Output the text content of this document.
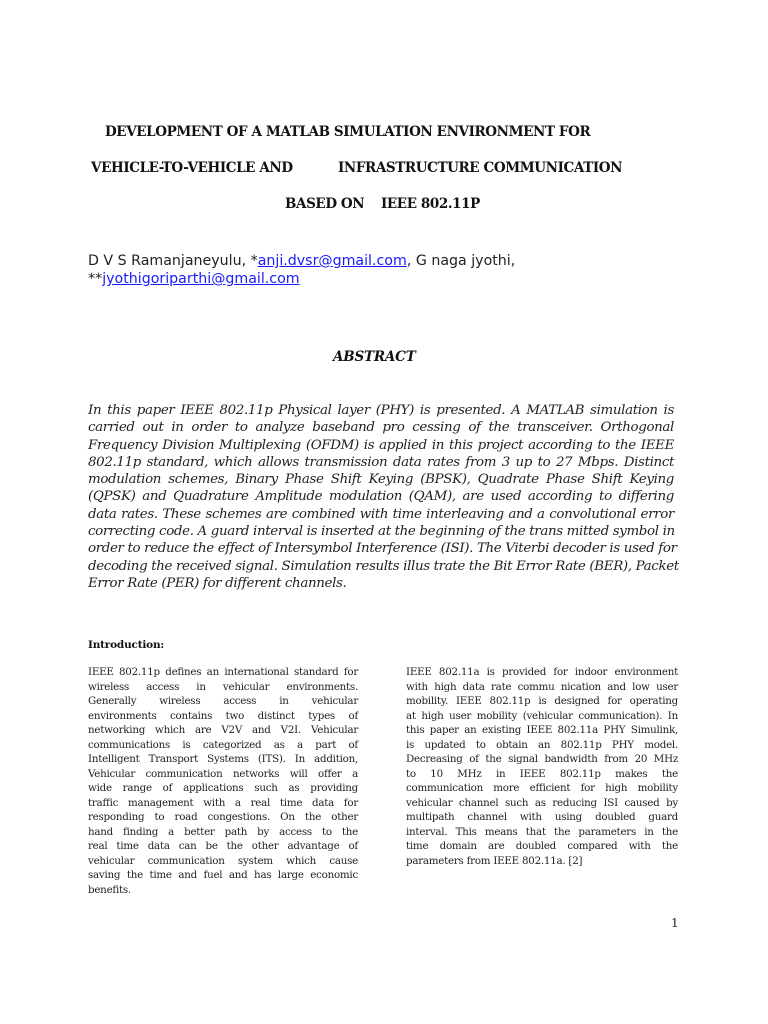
DEVELOPMENT OF A MATLAB SIMULATION ENVIRONMENT FOR
VEHICLE-TO-VEHICLE AND	INFRASTRUCTURE COMMUNICATION
BASED ON IEEE 802.11P
D V S Ramanjaneyulu, *anji.dvsr@gmail.com, G naga jyothi,
**jyothigoriparthi@gmail.com
ABSTRACT
In this paper IEEE 802.11p Physical layer (PHY) is presented. A MATLAB simulation is
carried out in order to analyze baseband pro cessing of the transceiver. Orthogonal
Frequency Division Multiplexing (OFDM) is applied in this project according to the IEEE
802.11p standard, which allows transmission data rates from 3 up to 27 Mbps. Distinct
modulation schemes, Binary Phase Shift Keying (BPSK), Quadrate Phase Shift Keying
(QPSK) and Quadrature Amplitude modulation (QAM), are used according to differing
data rates. These schemes are combined with time interleaving and a convolutional error
correcting code. A guard interval is inserted at the beginning of the trans mitted symbol in
order to reduce the effect of Intersymbol Interference (ISI). The Viterbi decoder is used for
decoding the received signal. Simulation results illus trate the Bit Error Rate (BER), Packet
Error Rate (PER) for different channels.
Introduction:
IEEE 802.11p defines an international standard for
wireless access in vehicular environments.
Generally wireless access in vehicular
environments contains two distinct types of
networking which are V2V and V2I. Vehicular
communications is categorized as a part of
Intelligent Transport Systems (ITS). In addition,
Vehicular communication networks will offer a
wide range of applications such as providing
traffic management with a real time data for
responding to road congestions. On the other
hand finding a better path by access to the
real time data can be the other advantage of
vehicular communication system which cause
saving the time and fuel and has large economic
benefits.
IEEE 802.11a is provided for indoor environment
with high data rate commu nication and low user
mobility. IEEE 802.11p is designed for operating
at high user mobility (vehicular communication). In
this paper an existing IEEE 802.11a PHY Simulink,
is updated to obtain an 802.11p PHY model.
Decreasing of the signal bandwidth from 20 MHz
to 10 MHz in IEEE 802.11p makes the
communication more efficient for high mobility
vehicular channel such as reducing ISI caused by
multipath channel with using doubled guard
interval. This means that the parameters in the
time domain are doubled compared with the
parameters from IEEE 802.11a. [2]
1
